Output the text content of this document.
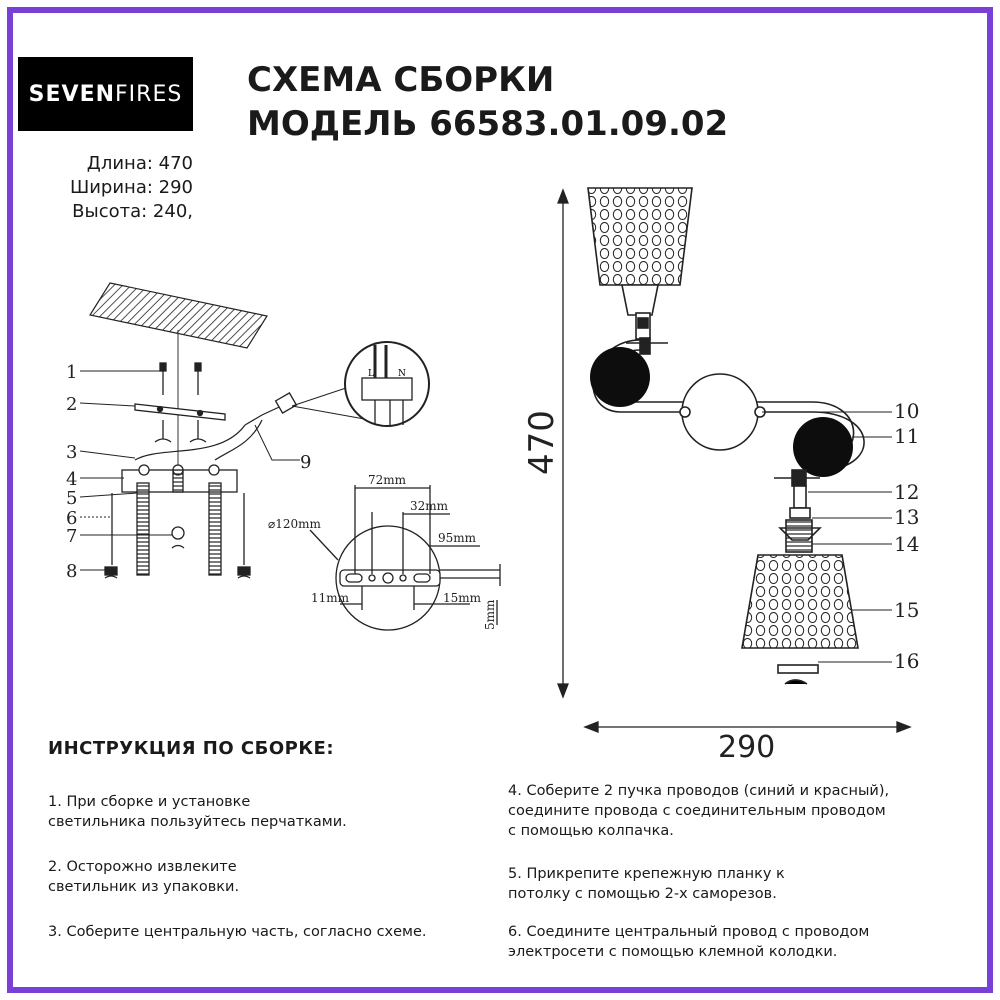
SEVEN FIRES СХЕМА СБОРКИ
МОДЕЛЬ 66583.01.09.02
Длина: 470
Ширина: 290
Высота: 240,
L	N
1
2
3
4
5
6
7
8
9
⌀120mm
72mm
32mm
95mm
11mm	15mm
5mm
470
290
10
11
12
13
14
15
16
ИНСТРУКЦИЯ ПО СБОРКЕ:
1. При сборке и установке
светильника пользуйтесь перчатками.
2. Осторожно извлеките
светильник из упаковки.
3. Соберите центральную часть, согласно схеме.
4. Соберите 2 пучка проводов (синий и красный),
соедините провода с соединительным проводом
с помощью колпачка.
5. Прикрепите крепежную планку к
потолку с помощью 2-х саморезов.
6. Соедините центральный провод с проводом
электросети с помощью клемной колодки.
